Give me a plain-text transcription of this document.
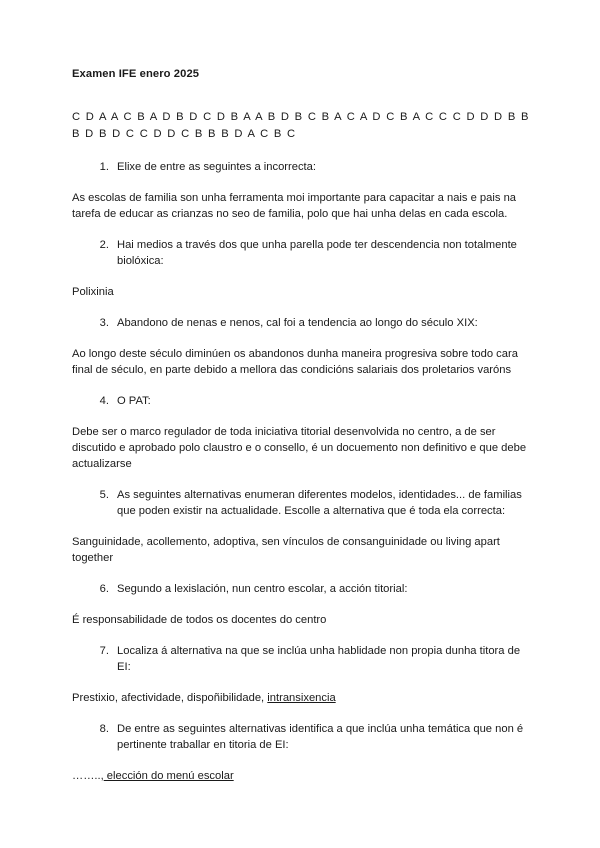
Examen IFE enero 2025
C D A A C B A D B D C D B A A B D B C B A C A D C B A C C C D D D B B B D B D C C D D C B B B D A C B C
1. Elixe de entre as seguintes a incorrecta:
As escolas de familia son unha ferramenta moi importante para capacitar a nais e pais na tarefa de educar as crianzas no seo de familia, polo que hai unha delas en cada escola.
2. Hai medios a través dos que unha parella pode ter descendencia non totalmente biolóxica:
Polixinia
3. Abandono de nenas e nenos, cal foi a tendencia ao longo do século XIX:
Ao longo deste século diminúen os abandonos dunha maneira progresiva sobre todo cara final de século, en parte debido a mellora das condicións salariais dos proletarios varóns
4. O PAT:
Debe ser o marco regulador de toda iniciativa titorial desenvolvida no centro, a de ser discutido e aprobado polo claustro e o consello, é un docuemento non definitivo e que debe actualizarse
5. As seguintes alternativas enumeran diferentes modelos, identidades... de familias que poden existir na actualidade. Escolle a alternativa que é toda ela correcta:
Sanguinidade, acollemento, adoptiva, sen vínculos de consanguinidade ou living apart together
6. Segundo a lexislación, nun centro escolar, a acción titorial:
É responsabilidade de todos os docentes do centro
7. Localiza á alternativa na que se inclúa unha hablidade non propia dunha titora de EI:
Prestixio, afectividade, dispoñibilidade, intransixencia
8. De entre as seguintes alternativas identifica a que inclúa unha temática que non é pertinente traballar en titoria de EI:
…….., elección do menú escolar
